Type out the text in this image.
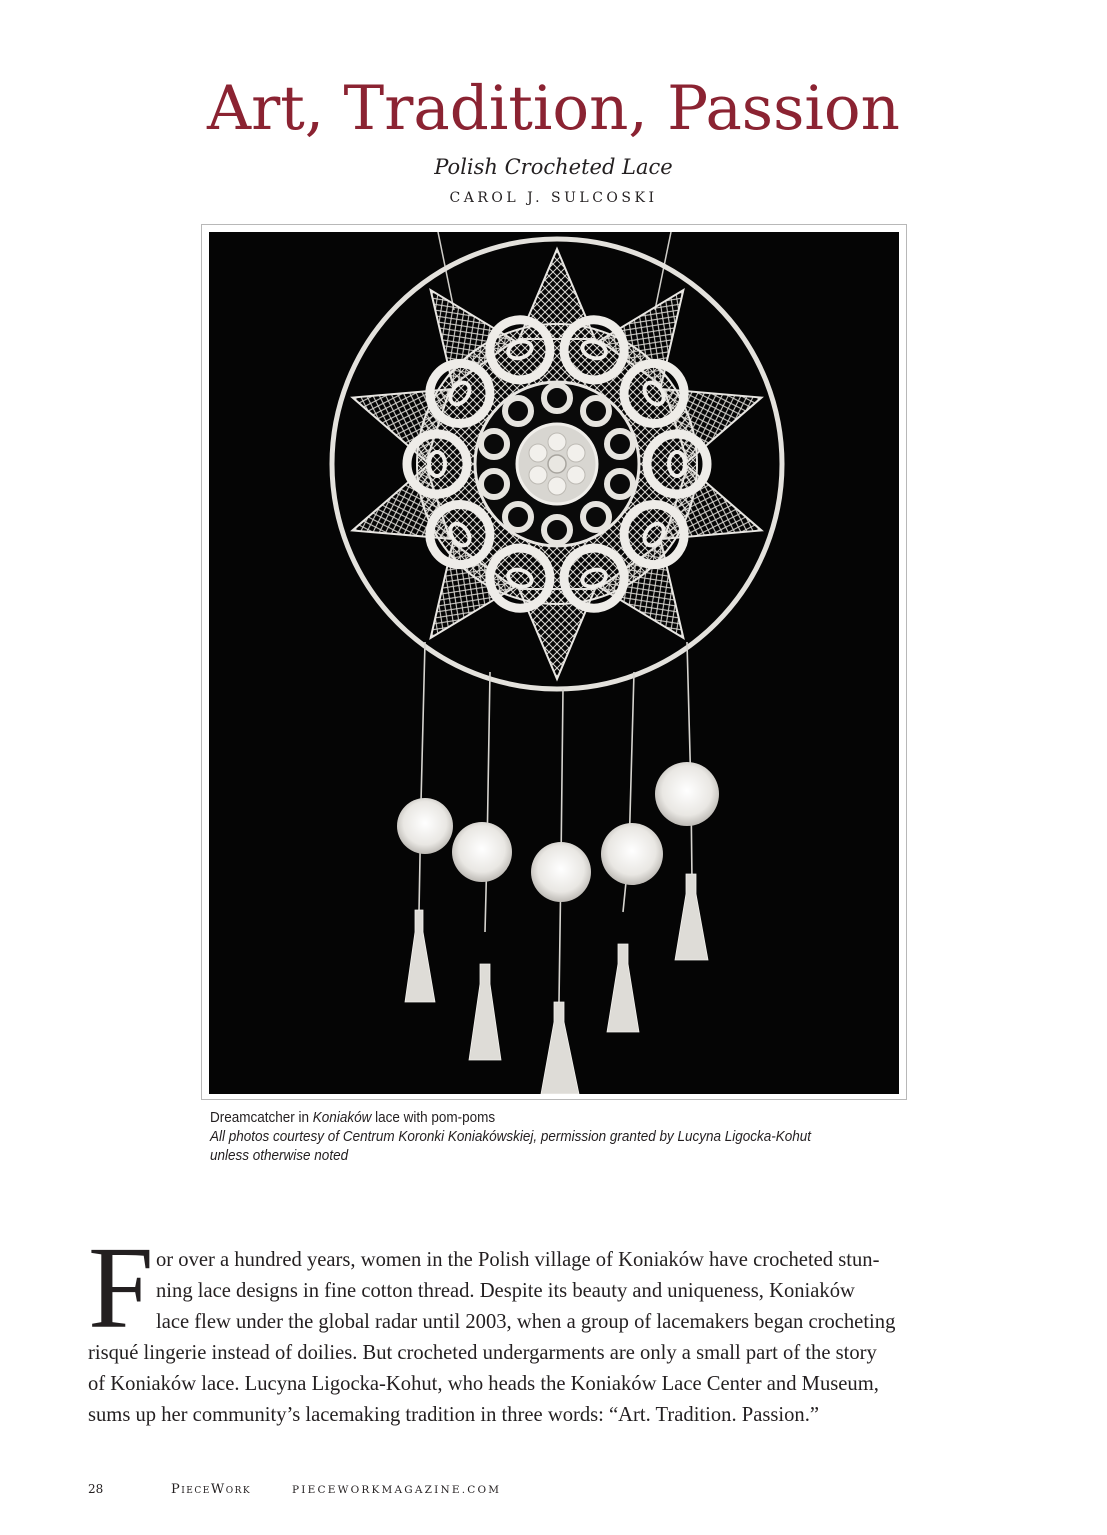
Art, Tradition, Passion
Polish Crocheted Lace
CAROL J. SULCOSKI
Dreamcatcher in Koniaków lace with pom-poms
All photos courtesy of Centrum Koronki Koniakówskiej, permission granted by Lucyna Ligocka-Kohut
unless otherwise noted
F or over a hundred years, women in the Polish village of Koniaków have crocheted stun-
ning lace designs in fine cotton thread. Despite its beauty and uniqueness, Koniaków
lace flew under the global radar until 2003, when a group of lacemakers began crocheting
risqué lingerie instead of doilies. But crocheted undergarments are only a small part of the story
of Koniaków lace. Lucyna Ligocka-Kohut, who heads the Koniaków Lace Center and Museum,
sums up her community’s lacemaking tradition in three words: “Art. Tradition. Passion.”
28	PieceWork	PIECEWORKMAGAZINE.COM
